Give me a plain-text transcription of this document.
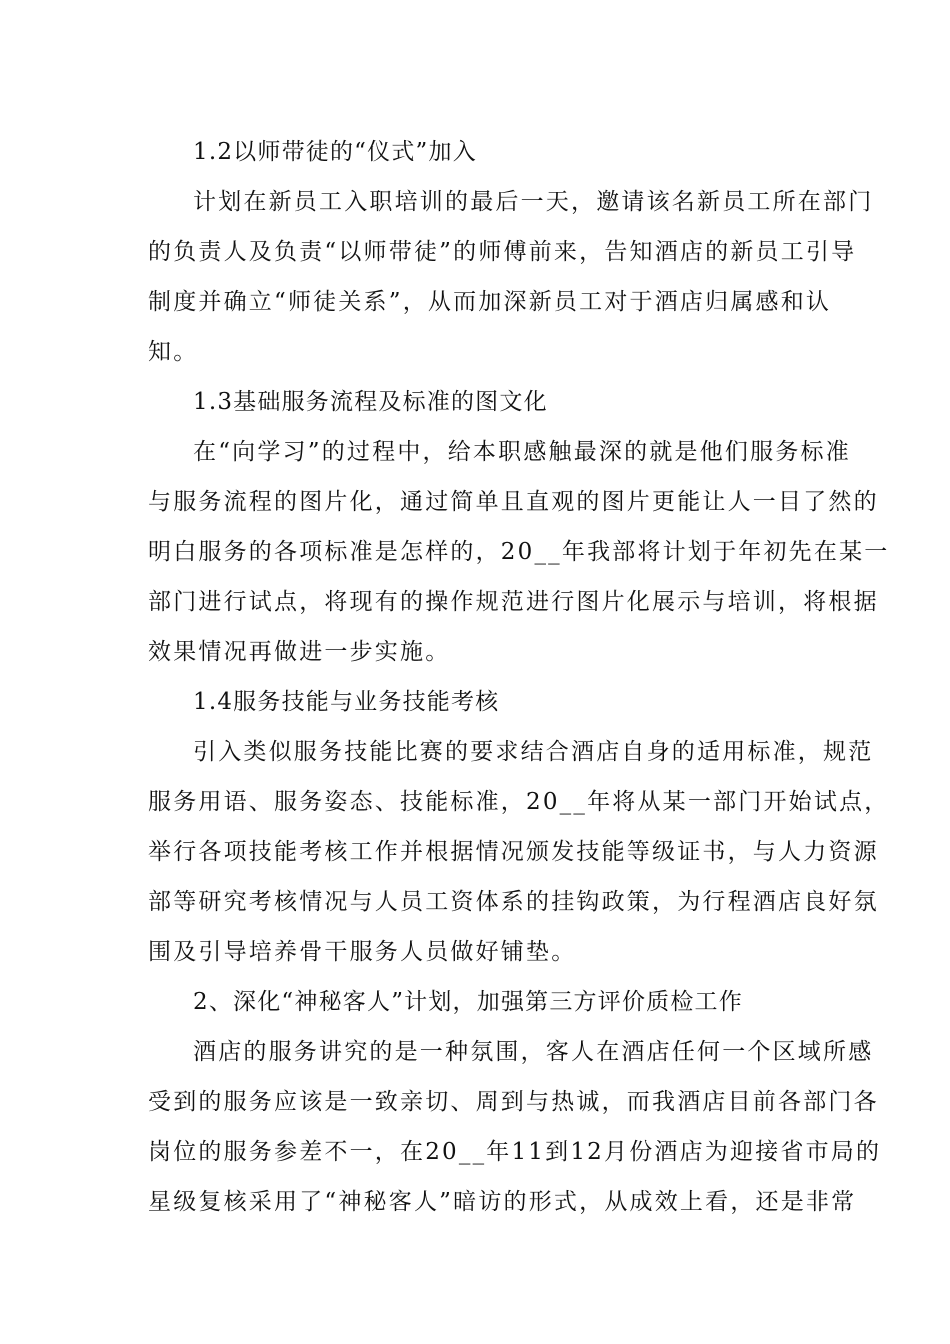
1.2以师带徒的“仪式”加入
计划在新员工入职培训的最后一天，邀请该名新员工所在部门
的负责人及负责“以师带徒”的师傅前来，告知酒店的新员工引导
制度并确立“师徒关系”，从而加深新员工对于酒店归属感和认
知。
1.3基础服务流程及标准的图文化
在“向学习”的过程中，给本职感触最深的就是他们服务标准
与服务流程的图片化，通过简单且直观的图片更能让人一目了然的
明白服务的各项标准是怎样的，20__年我部将计划于年初先在某一
部门进行试点，将现有的操作规范进行图片化展示与培训，将根据
效果情况再做进一步实施。
1.4服务技能与业务技能考核
引入类似服务技能比赛的要求结合酒店自身的适用标准，规范
服务用语、服务姿态、技能标准，20__年将从某一部门开始试点，
举行各项技能考核工作并根据情况颁发技能等级证书，与人力资源
部等研究考核情况与人员工资体系的挂钩政策，为行程酒店良好氛
围及引导培养骨干服务人员做好铺垫。
2、深化“神秘客人”计划，加强第三方评价质检工作
酒店的服务讲究的是一种氛围，客人在酒店任何一个区域所感
受到的服务应该是一致亲切、周到与热诚，而我酒店目前各部门各
岗位的服务参差不一，在20__年11到12月份酒店为迎接省市局的
星级复核采用了“神秘客人”暗访的形式，从成效上看，还是非常
